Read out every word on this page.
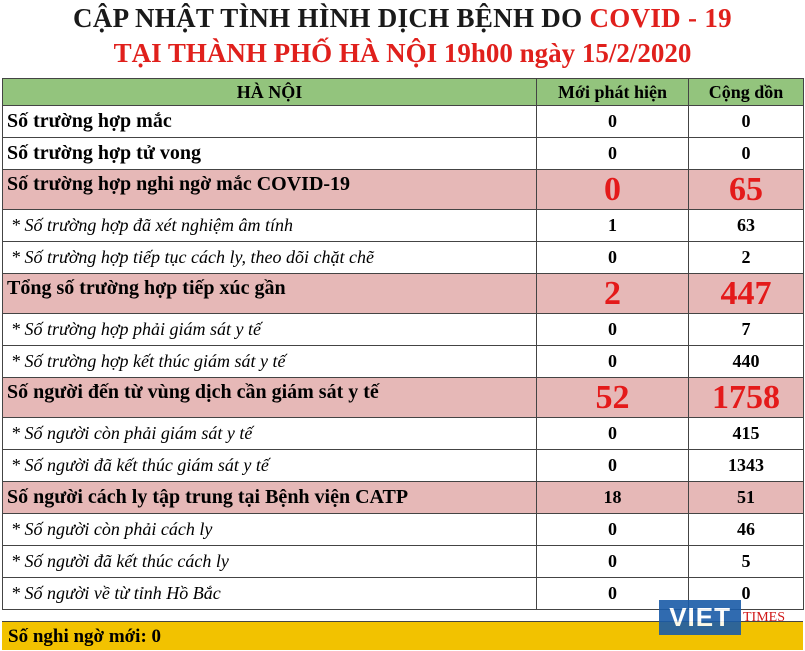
CẬP NHẬT TÌNH HÌNH DỊCH BỆNH DO COVID - 19
TẠI THÀNH PHỐ HÀ NỘI 19h00 ngày 15/2/2020
HÀ NỘI	Mới phát hiện	Cộng dồn
Số trường hợp mắc	0	0
Số trường hợp tử vong	0	0
Số trường hợp nghi ngờ mắc COVID-19	0	65
* Số trường hợp đã xét nghiệm âm tính	1	63
* Số trường hợp tiếp tục cách ly, theo dõi chặt chẽ	0	2
Tổng số trường hợp tiếp xúc gần	2	447
* Số trường hợp phải giám sát y tế	0	7
* Số trường hợp kết thúc giám sát y tế	0	440
Số người đến từ vùng dịch cần giám sát y tế	52	1758
* Số người còn phải giám sát y tế	0	415
* Số người đã kết thúc giám sát y tế	0	1343
Số người cách ly tập trung tại Bệnh viện CATP	18	51
* Số người còn phải cách ly	0	46
* Số người đã kết thúc cách ly	0	5
* Số người về từ tỉnh Hồ Bắc	0	0
Số nghi ngờ mới: 0
VIET TIMES
